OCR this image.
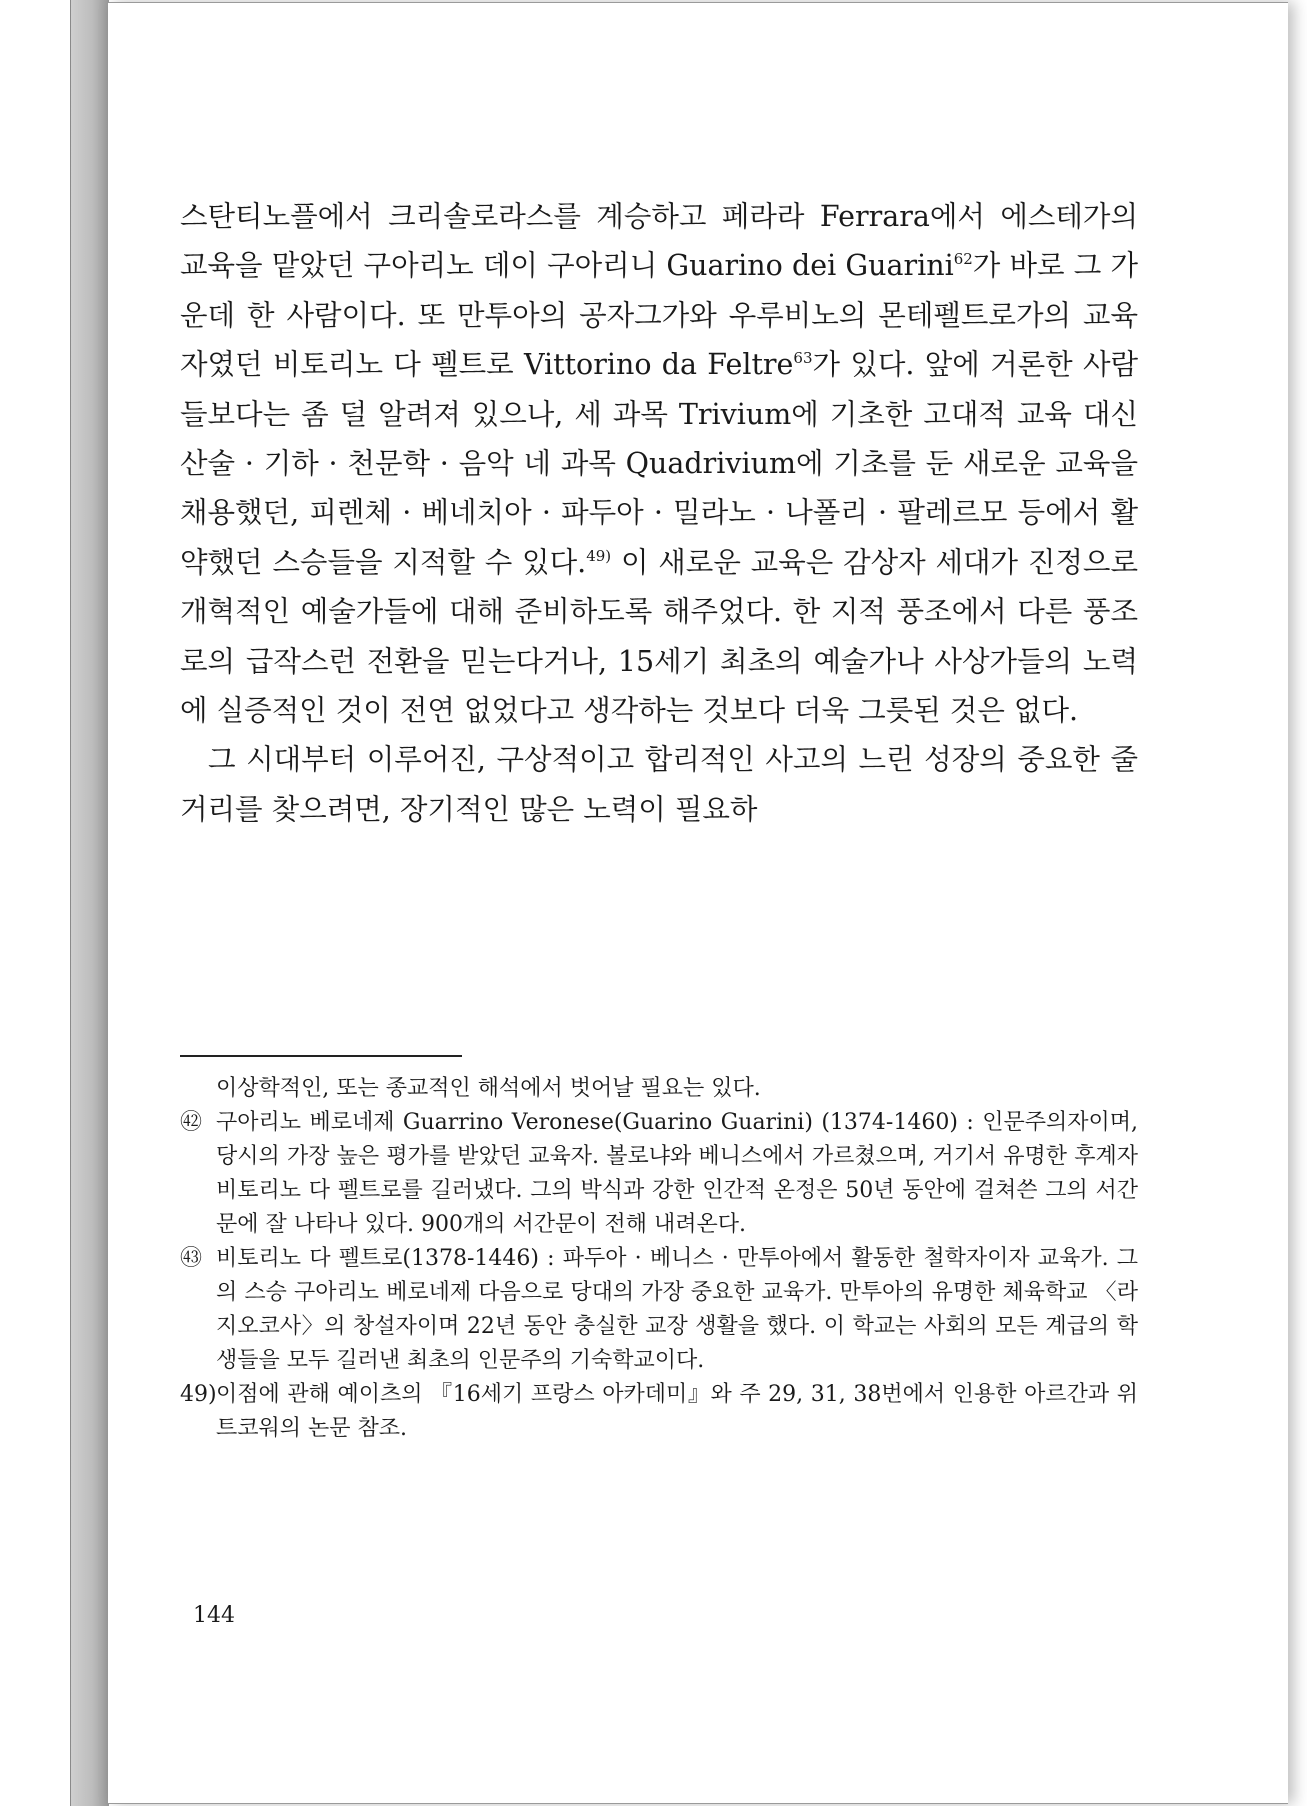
스탄티노플에서 크리솔로라스를 계승하고 페라라 Ferrara에서 에스테가의 교육을 맡았던 구아리노 데이 구아리니 Guarino dei Guarini$^{62}$가 바로 그 가운데 한 사람이다. 또 만투아의 공자그가와 우루비노의 몬테펠트로가의 교육자였던 비토리노 다 펠트로 Vittorino da Feltre$^{63}$가 있다. 앞에 거론한 사람들보다는 좀 덜 알려져 있으나, 세 과목 Trivium에 기초한 고대적 교육 대신 산술 · 기하 · 천문학 · 음악 네 과목 Quadrivium에 기초를 둔 새로운 교육을 채용했던, 피렌체 · 베네치아 · 파두아 · 밀라노 · 나폴리 · 팔레르모 등에서 활약했던 스승들을 지적할 수 있다.$^{49)}$ 이 새로운 교육은 감상자 세대가 진정으로 개혁적인 예술가들에 대해 준비하도록 해주었다. 한 지적 풍조에서 다른 풍조로의 급작스런 전환을 믿는다거나, 15세기 최초의 예술가나 사상가들의 노력에 실증적인 것이 전연 없었다고 생각하는 것보다 더욱 그릇된 것은 없다.

그 시대부터 이루어진, 구상적이고 합리적인 사고의 느린 성장의 중요한 줄거리를 찾으려면, 장기적인 많은 노력이 필요하

이상학적인, 또는 종교적인 해석에서 벗어날 필요는 있다.

㊷ 구아리노 베로네제 Guarrino Veronese(Guarino Guarini) (1374-1460) : 인문주의자이며, 당시의 가장 높은 평가를 받았던 교육자. 볼로냐와 베니스에서 가르쳤으며, 거기서 유명한 후계자 비토리노 다 펠트로를 길러냈다. 그의 박식과 강한 인간적 온정은 50년 동안에 걸쳐쓴 그의 서간문에 잘 나타나 있다. 900개의 서간문이 전해 내려온다.

㊸ 비토리노 다 펠트로(1378-1446) : 파두아 · 베니스 · 만투아에서 활동한 철학자이자 교육가. 그의 스승 구아리노 베로네제 다음으로 당대의 가장 중요한 교육가. 만투아의 유명한 체육학교 〈라 지오코사〉의 창설자이며 22년 동안 충실한 교장 생활을 했다. 이 학교는 사회의 모든 계급의 학생들을 모두 길러낸 최초의 인문주의 기숙학교이다.

49)이점에 관해 예이츠의 『16세기 프랑스 아카데미』와 주 29, 31, 38번에서 인용한 아르간과 위트코워의 논문 참조.

144
